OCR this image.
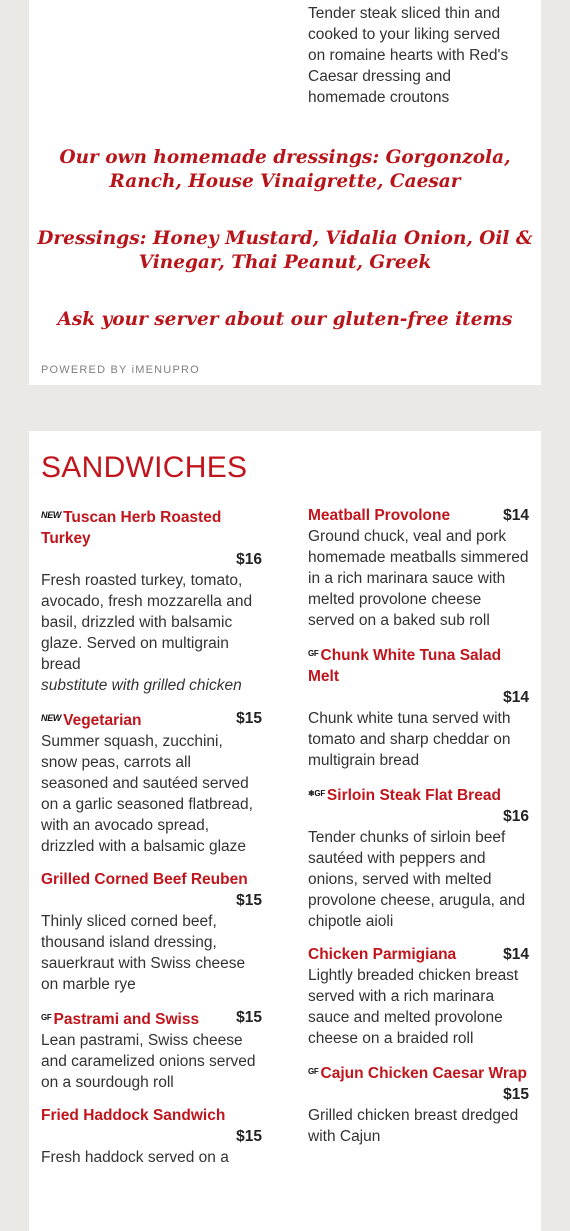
Tender steak sliced thin and cooked to your liking served on romaine hearts with Red's Caesar dressing and homemade croutons
Our own homemade dressings: Gorgonzola, Ranch, House Vinaigrette, Caesar
Dressings: Honey Mustard, Vidalia Onion, Oil & Vinegar, Thai Peanut, Greek
Ask your server about our gluten-free items
POWERED BY iMENUPRO
SANDWICHES
$^{NEW}$ Tuscan Herb Roasted Turkey
$16
Fresh roasted turkey, tomato, avocado, fresh mozzarella and basil, drizzled with balsamic glaze. Served on multigrain bread
substitute with grilled chicken
$^{NEW}$ Vegetarian	$15
Summer squash, zucchini, snow peas, carrots all seasoned and sautéed served on a garlic seasoned flatbread, with an avocado spread, drizzled with a balsamic glaze
Grilled Corned Beef Reuben
$15
Thinly sliced corned beef, thousand island dressing, sauerkraut with Swiss cheese on marble rye
$^{GF}$ Pastrami and Swiss $15
Lean pastrami, Swiss cheese and caramelized onions served on a sourdough roll
Fried Haddock Sandwich
$15
Fresh haddock served on a
Meatball Provolone	$14
Ground chuck, veal and pork homemade meatballs simmered in a rich marinara sauce with melted provolone cheese served on a baked sub roll
$^{GF}$ Chunk White Tuna Salad Melt
$14
Chunk white tuna served with tomato and sharp cheddar on multigrain bread
$^{❄GF}$ Sirloin Steak Flat Bread
$16
Tender chunks of sirloin beef sautéed with peppers and onions, served with melted provolone cheese, arugula, and chipotle aioli
Chicken Parmigiana	$14
Lightly breaded chicken breast served with a rich marinara sauce and melted provolone cheese on a braided roll
$^{GF}$ Cajun Chicken Caesar Wrap
$15
Grilled chicken breast dredged with Cajun
